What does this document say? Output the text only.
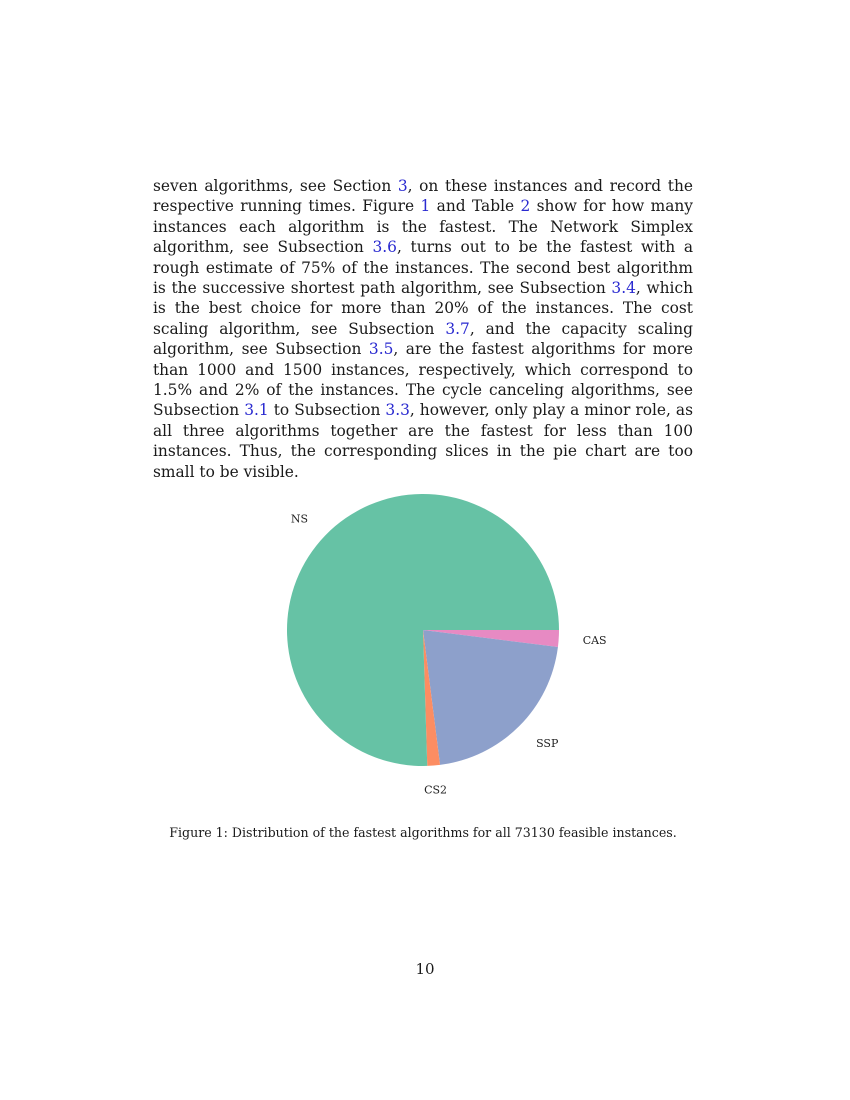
seven algorithms, see Section 3, on these instances and record the respective running times. Figure 1 and Table 2 show for how many instances each algorithm is the fastest. The Network Simplex algorithm, see Subsection 3.6, turns out to be the fastest with a rough estimate of 75% of the instances. The second best algorithm is the successive shortest path algorithm, see Subsection 3.4, which is the best choice for more than 20% of the instances. The cost scaling algorithm, see Subsection 3.7, and the capacity scaling algorithm, see Subsection 3.5, are the fastest algorithms for more than 1000 and 1500 instances, respectively, which correspond to 1.5% and 2% of the instances. The cycle canceling algorithms, see Subsection 3.1 to Subsection 3.3, however, only play a minor role, as all three algorithms together are the fastest for less than 100 instances. Thus, the corresponding slices in the pie chart are too small to be visible.
CAS
SSP
CS2
NS
Figure 1: Distribution of the fastest algorithms for all 73130 feasible instances.
10
